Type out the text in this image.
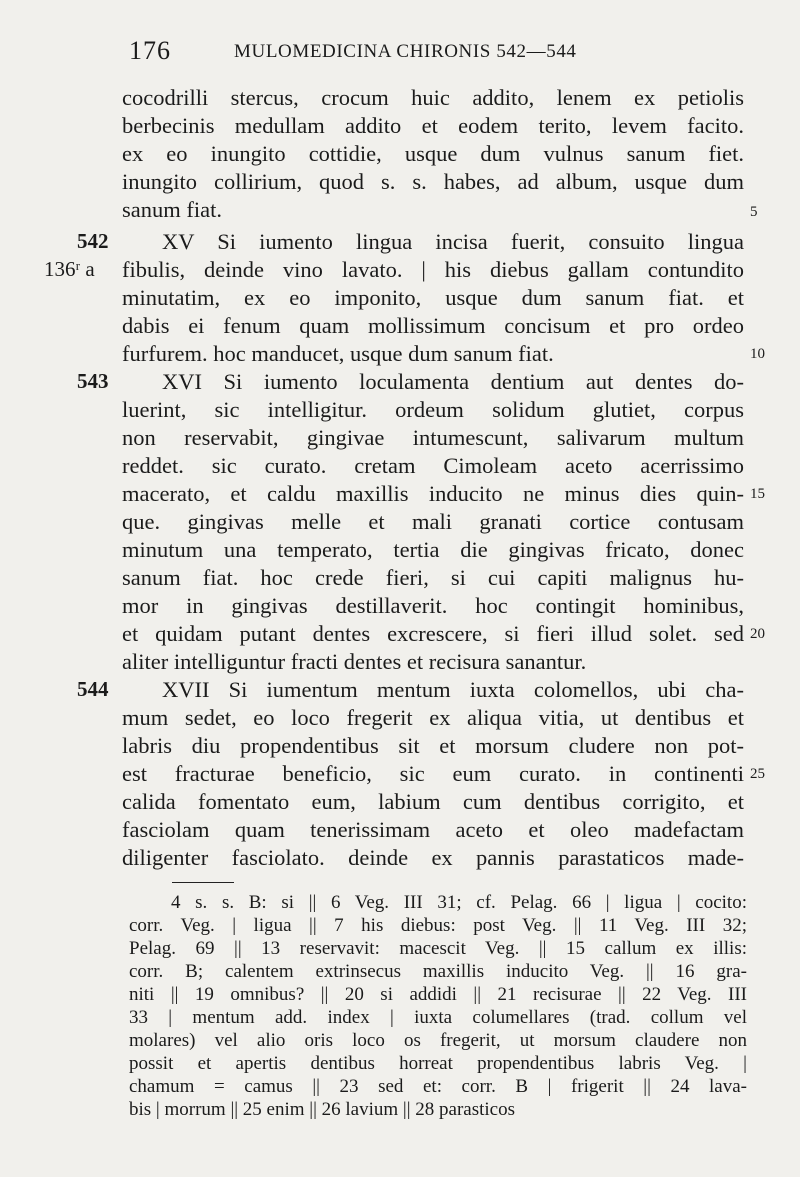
176	MULOMEDICINA CHIRONIS 542—544
cocodrilli stercus, crocum huic addito, lenem ex petiolis
berbecinis medullam addito et eodem terito, levem facito.
ex eo inungito cottidie, usque dum vulnus sanum fiet.
inungito collirium, quod s. s. habes, ad album, usque dum
sanum fiat.
XV Si iumento lingua incisa fuerit, consuito lingua
fibulis, deinde vino lavato. | his diebus gallam contundito
minutatim, ex eo imponito, usque dum sanum fiat. et
dabis ei fenum quam mollissimum concisum et pro ordeo
furfurem. hoc manducet, usque dum sanum fiat.
XVI Si iumento loculamenta dentium aut dentes do-
luerint, sic intelligitur. ordeum solidum glutiet, corpus
non reservabit, gingivae intumescunt, salivarum multum
reddet. sic curato. cretam Cimoleam aceto acerrissimo
macerato, et caldu maxillis inducito ne minus dies quin-
que. gingivas melle et mali granati cortice contusam
minutum una temperato, tertia die gingivas fricato, donec
sanum fiat. hoc crede fieri, si cui capiti malignus hu-
mor in gingivas destillaverit. hoc contingit hominibus,
et quidam putant dentes excrescere, si fieri illud solet. sed
aliter intelliguntur fracti dentes et recisura sanantur.
XVII Si iumentum mentum iuxta colomellos, ubi cha-
mum sedet, eo loco fregerit ex aliqua vitia, ut dentibus et
labris diu propendentibus sit et morsum cludere non pot-
est fracturae beneficio, sic eum curato. in continenti
calida fomentato eum, labium cum dentibus corrigito, et
fasciolam quam tenerissimam aceto et oleo madefactam
diligenter fasciolato. deinde ex pannis parastaticos made-
542
543
544
136ʳ a
5
10
15
20
25
4 s. s. B: si || 6 Veg. III 31; cf. Pelag. 66 | ligua | cocito:
corr. Veg. | ligua || 7 his diebus: post Veg. || 11 Veg. III 32;
Pelag. 69 || 13 reservavit: macescit Veg. || 15 callum ex illis:
corr. B; calentem extrinsecus maxillis inducito Veg. || 16 gra-
niti || 19 omnibus? || 20 si addidi || 21 recisurae || 22 Veg. III
33 | mentum add. index | iuxta columellares (trad. collum vel
molares) vel alio oris loco os fregerit, ut morsum claudere non
possit et apertis dentibus horreat propendentibus labris Veg. |
chamum = camus || 23 sed et: corr. B | frigerit || 24 lava-
bis | morrum || 25 enim || 26 lavium || 28 parasticos
